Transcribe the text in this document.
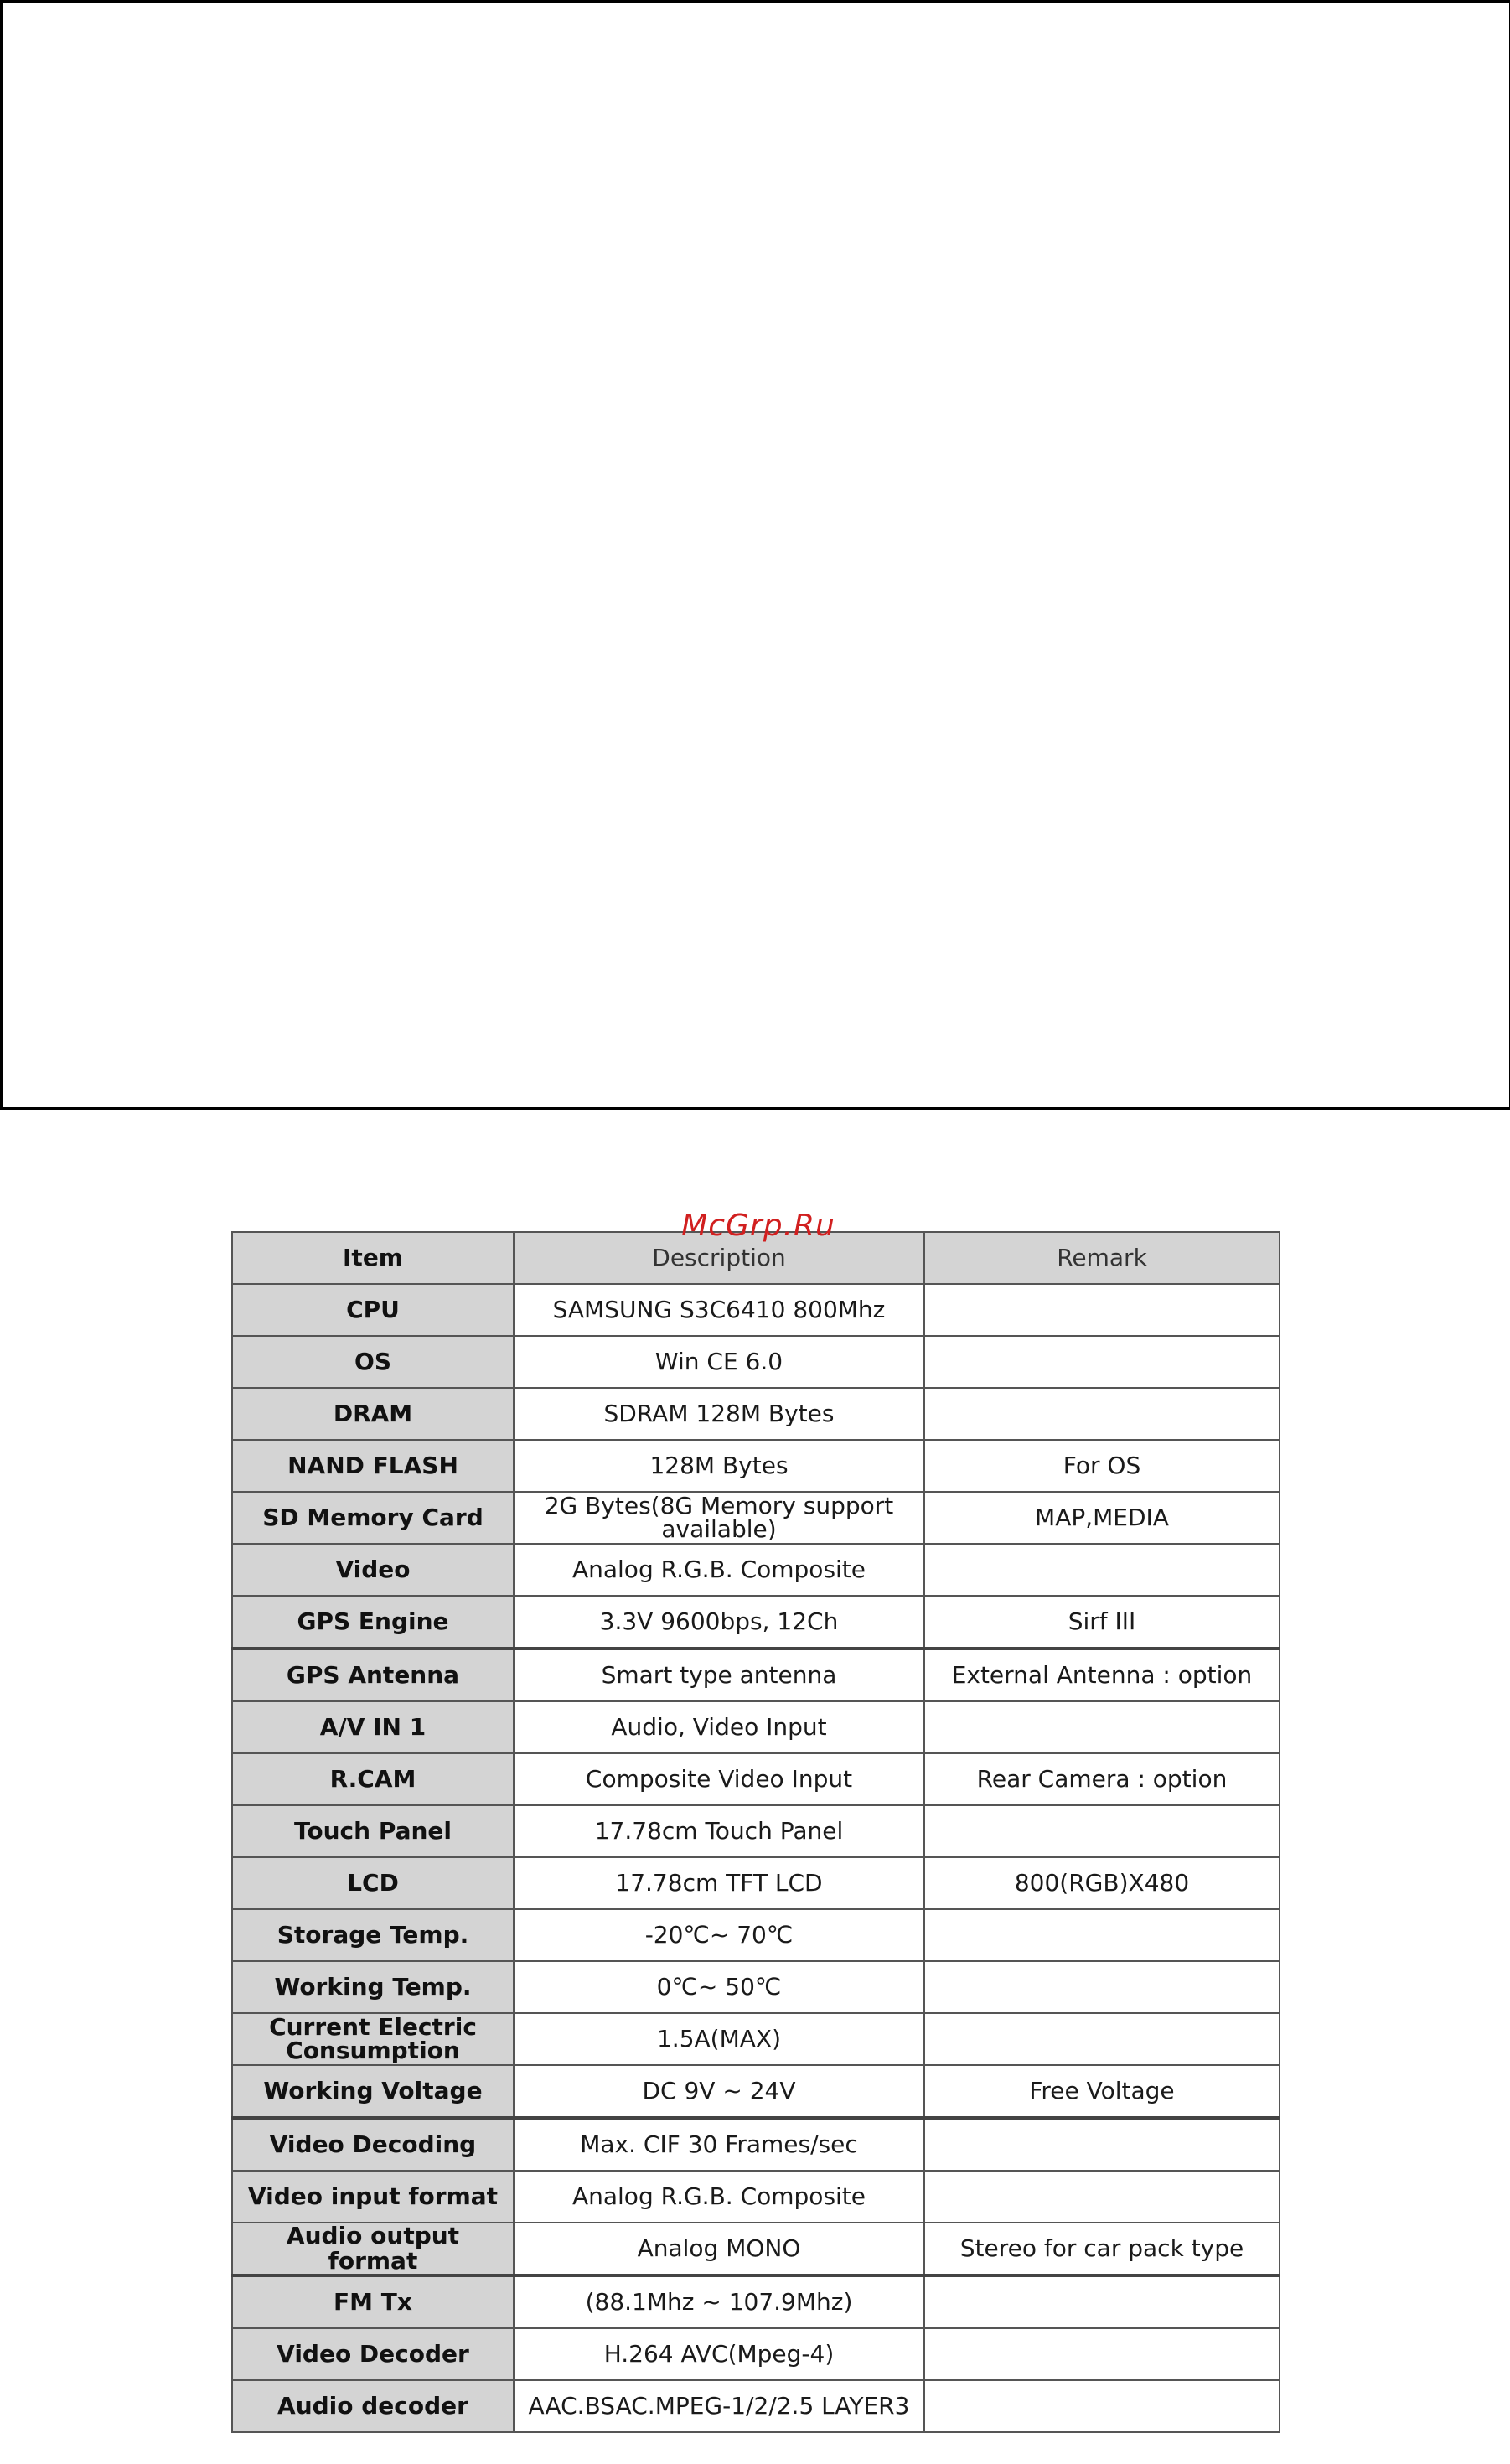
McGrp.Ru
Item	Description	Remark
CPU	SAMSUNG S3C6410 800Mhz	
OS	Win CE 6.0	
DRAM	SDRAM 128M Bytes	
NAND FLASH	128M Bytes	For OS
SD Memory Card	2G Bytes(8G Memory support available)	MAP,MEDIA
Video	Analog R.G.B. Composite	
GPS Engine	3.3V 9600bps, 12Ch	Sirf III
GPS Antenna	Smart type antenna	External Antenna : option
A/V IN 1	Audio, Video Input	
R.CAM	Composite Video Input	Rear Camera : option
Touch Panel	17.78cm Touch Panel	
LCD	17.78cm TFT LCD	800(RGB)X480
Storage Temp.	-20℃~ 70℃	
Working Temp.	0℃~ 50℃	
Current Electric Consumption	1.5A(MAX)	
Working Voltage	DC 9V ~ 24V	Free Voltage
Video Decoding	Max. CIF 30 Frames/sec	
Video input format	Analog R.G.B. Composite	
Audio output format	Analog MONO	Stereo for car pack type
FM Tx	(88.1Mhz ~ 107.9Mhz)	
Video Decoder	H.264 AVC(Mpeg-4)	
Audio decoder	AAC.BSAC.MPEG-1/2/2.5 LAYER3	
